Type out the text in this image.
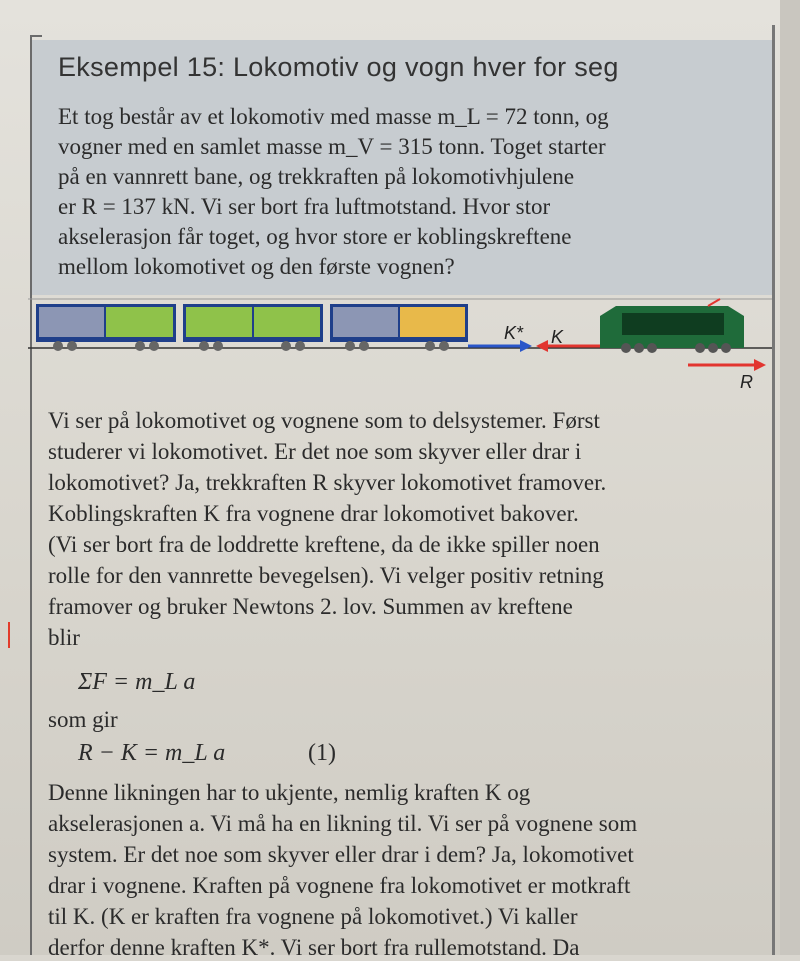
Eksempel 15: Lokomotiv og vogn hver for seg
Et tog består av et lokomotiv med masse m_L = 72 tonn, og
vogner med en samlet masse m_V = 315 tonn. Toget starter
på en vannrett bane, og trekkraften på lokomotivhjulene
er R = 137 kN. Vi ser bort fra luftmotstand. Hvor stor
akselerasjon får toget, og hvor store er koblingskreftene
mellom lokomotivet og den første vognen?
K* K
R
Vi ser på lokomotivet og vognene som to delsystemer. Først
studerer vi lokomotivet. Er det noe som skyver eller drar i
lokomotivet? Ja, trekkraften R skyver lokomotivet framover.
Koblingskraften K fra vognene drar lokomotivet bakover.
(Vi ser bort fra de loddrette kreftene, da de ikke spiller noen
rolle for den vannrette bevegelsen). Vi velger positiv retning
framover og bruker Newtons 2. lov. Summen av kreftene
blir
ΣF = m_L a
som gir
R − K = m_L a	(1)
Denne likningen har to ukjente, nemlig kraften K og
akselerasjonen a. Vi må ha en likning til. Vi ser på vognene som
system. Er det noe som skyver eller drar i dem? Ja, lokomotivet
drar i vognene. Kraften på vognene fra lokomotivet er motkraft
til K. (K er kraften fra vognene på lokomotivet.) Vi kaller
derfor denne kraften K*. Vi ser bort fra rullemotstand. Da
